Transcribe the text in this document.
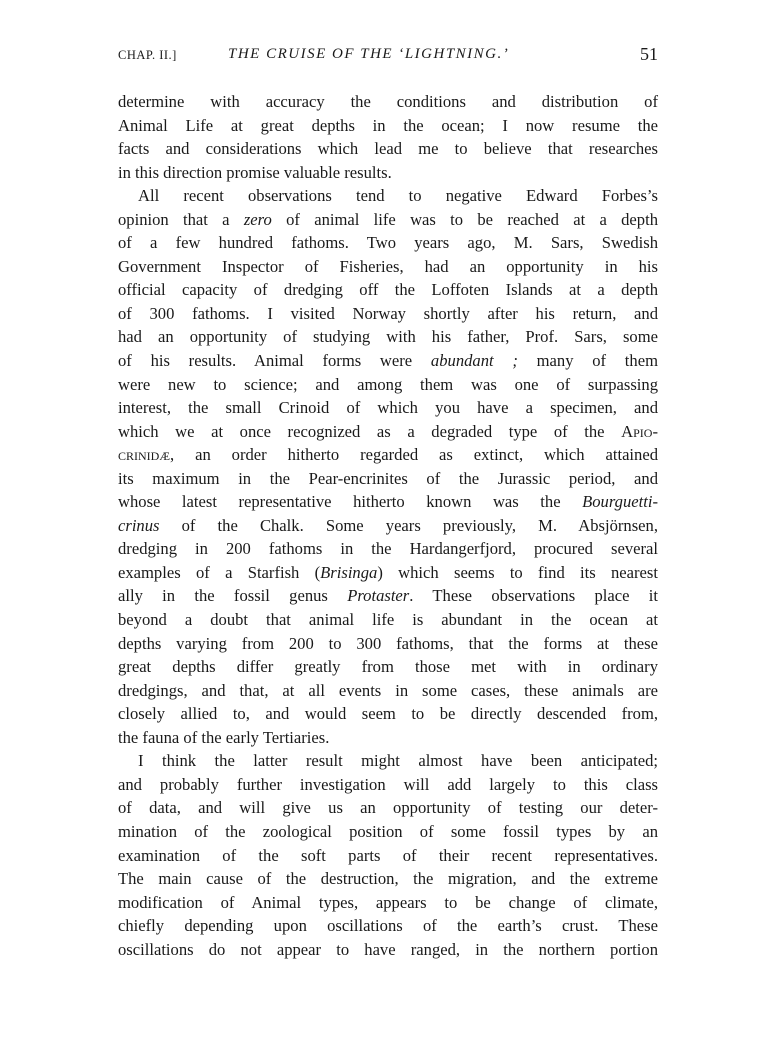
CHAP. II.]	THE CRUISE OF THE ‘LIGHTNING.’	51
determine with accuracy the conditions and distribution of
Animal Life at great depths in the ocean; I now resume the
facts and considerations which lead me to believe that researches
in this direction promise valuable results.
All recent observations tend to negative Edward Forbes’s
opinion that a zero of animal life was to be reached at a depth
of a few hundred fathoms. Two years ago, M. Sars, Swedish
Government Inspector of Fisheries, had an opportunity in his
official capacity of dredging off the Loffoten Islands at a depth
of 300 fathoms. I visited Norway shortly after his return, and
had an opportunity of studying with his father, Prof. Sars, some
of his results. Animal forms were abundant ; many of them
were new to science; and among them was one of surpassing
interest, the small Crinoid of which you have a specimen, and
which we at once recognized as a degraded type of the Apio-
crinidæ, an order hitherto regarded as extinct, which attained
its maximum in the Pear-encrinites of the Jurassic period, and
whose latest representative hitherto known was the Bourguetti-
crinus of the Chalk. Some years previously, M. Absjörnsen,
dredging in 200 fathoms in the Hardangerfjord, procured several
examples of a Starfish (Brisinga) which seems to find its nearest
ally in the fossil genus Protaster. These observations place it
beyond a doubt that animal life is abundant in the ocean at
depths varying from 200 to 300 fathoms, that the forms at these
great depths differ greatly from those met with in ordinary
dredgings, and that, at all events in some cases, these animals are
closely allied to, and would seem to be directly descended from,
the fauna of the early Tertiaries.
I think the latter result might almost have been anticipated;
and probably further investigation will add largely to this class
of data, and will give us an opportunity of testing our deter-
mination of the zoological position of some fossil types by an
examination of the soft parts of their recent representatives.
The main cause of the destruction, the migration, and the extreme
modification of Animal types, appears to be change of climate,
chiefly depending upon oscillations of the earth’s crust. These
oscillations do not appear to have ranged, in the northern portion
